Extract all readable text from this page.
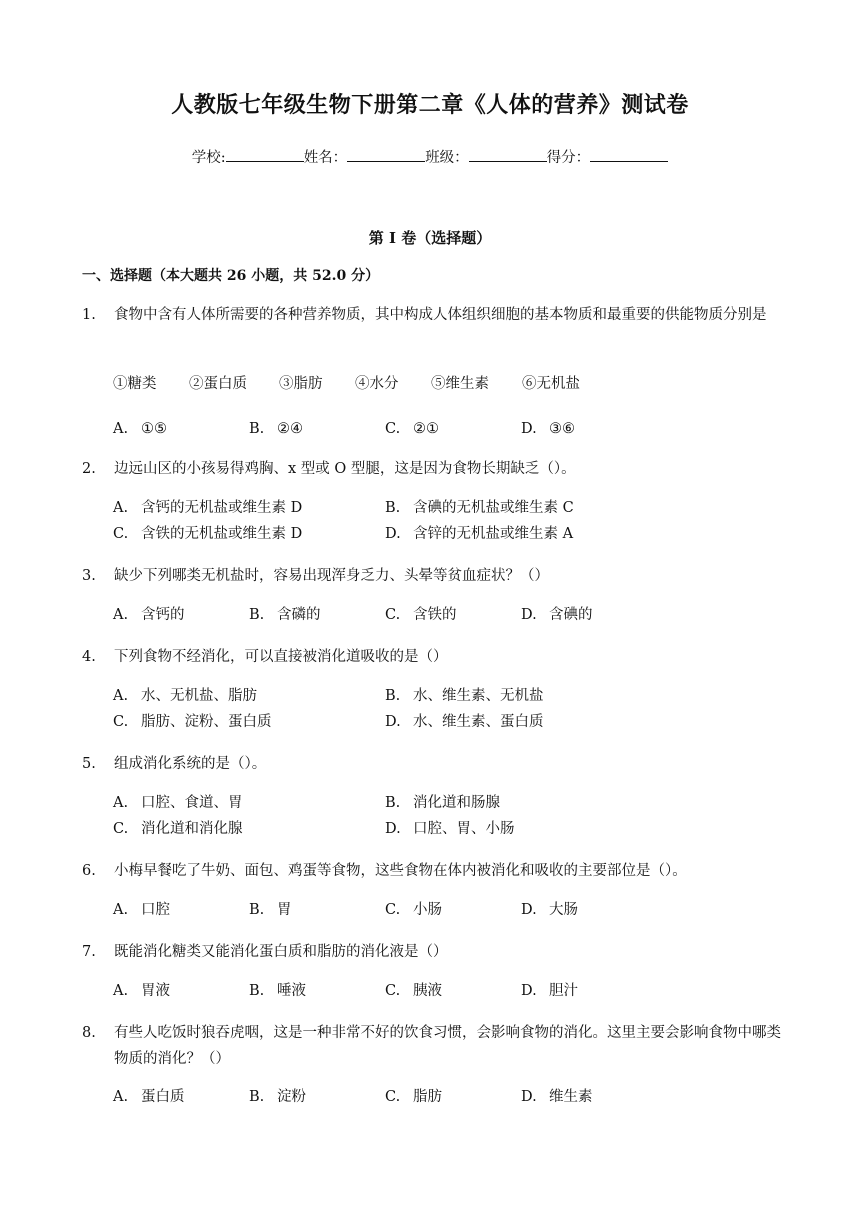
人教版七年级生物下册第二章《人体的营养》测试卷
学校:	姓名：	班级：	得分：
第 I 卷（选择题）
一、选择题（本大题共 26 小题，共 52.0 分）
1. 食物中含有人体所需要的各种营养物质，其中构成人体组织细胞的基本物质和最重要的供能物质分别是
①糖类 ②蛋白质 ③脂肪 ④水分 ⑤维生素 ⑥无机盐
A. ①⑤	B. ②④	C. ②①	D. ③⑥
2. 边远山区的小孩易得鸡胸、x 型或 O 型腿，这是因为食物长期缺乏（）。
A. 含钙的无机盐或维生素 D	B. 含碘的无机盐或维生素 C
C. 含铁的无机盐或维生素 D	D. 含锌的无机盐或维生素 A
3. 缺少下列哪类无机盐时，容易出现浑身乏力、头晕等贫血症状？（）
A. 含钙的	B. 含磷的	C. 含铁的	D. 含碘的
4. 下列食物不经消化，可以直接被消化道吸收的是（）
A. 水、无机盐、脂肪	B. 水、维生素、无机盐
C. 脂肪、淀粉、蛋白质	D. 水、维生素、蛋白质
5. 组成消化系统的是（）。
A. 口腔、食道、胃	B. 消化道和肠腺
C. 消化道和消化腺	D. 口腔、胃、小肠
6. 小梅早餐吃了牛奶、面包、鸡蛋等食物，这些食物在体内被消化和吸收的主要部位是（）。
A. 口腔	B. 胃	C. 小肠	D. 大肠
7. 既能消化糖类又能消化蛋白质和脂肪的消化液是（）
A. 胃液	B. 唾液	C. 胰液	D. 胆汁
8. 有些人吃饭时狼吞虎咽，这是一种非常不好的饮食习惯，会影响食物的消化。这里主要会影响食物中哪类物质的消化？（）
A. 蛋白质	B. 淀粉	C. 脂肪	D. 维生素
